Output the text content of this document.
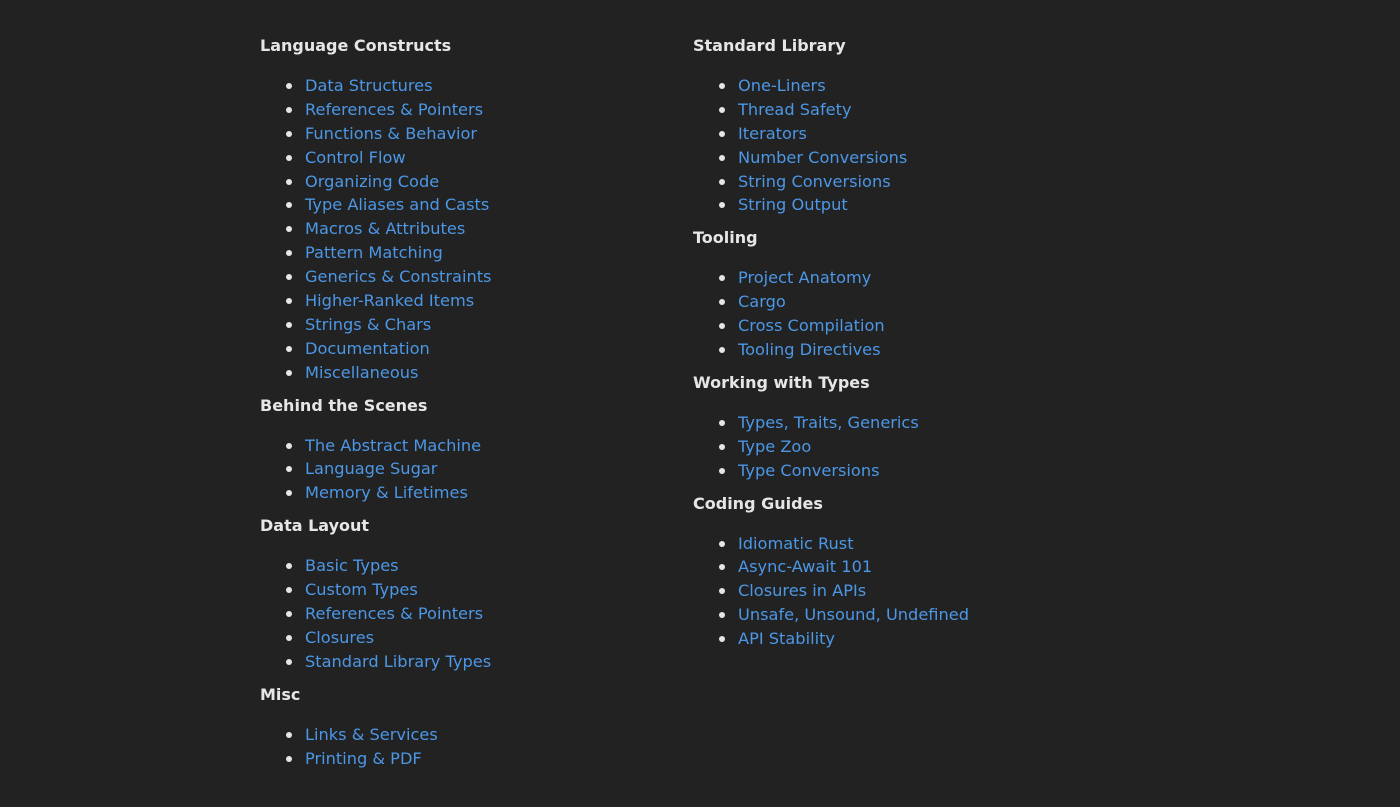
Language Constructs
Data Structures
References & Pointers
Functions & Behavior
Control Flow
Organizing Code
Type Aliases and Casts
Macros & Attributes
Pattern Matching
Generics & Constraints
Higher-Ranked Items
Strings & Chars
Documentation
Miscellaneous
Behind the Scenes
The Abstract Machine
Language Sugar
Memory & Lifetimes
Data Layout
Basic Types
Custom Types
References & Pointers
Closures
Standard Library Types
Misc
Links & Services
Printing & PDF
Standard Library
One-Liners
Thread Safety
Iterators
Number Conversions
String Conversions
String Output
Tooling
Project Anatomy
Cargo
Cross Compilation
Tooling Directives
Working with Types
Types, Traits, Generics
Type Zoo
Type Conversions
Coding Guides
Idiomatic Rust
Async-Await 101
Closures in APIs
Unsafe, Unsound, Undefined
API Stability
